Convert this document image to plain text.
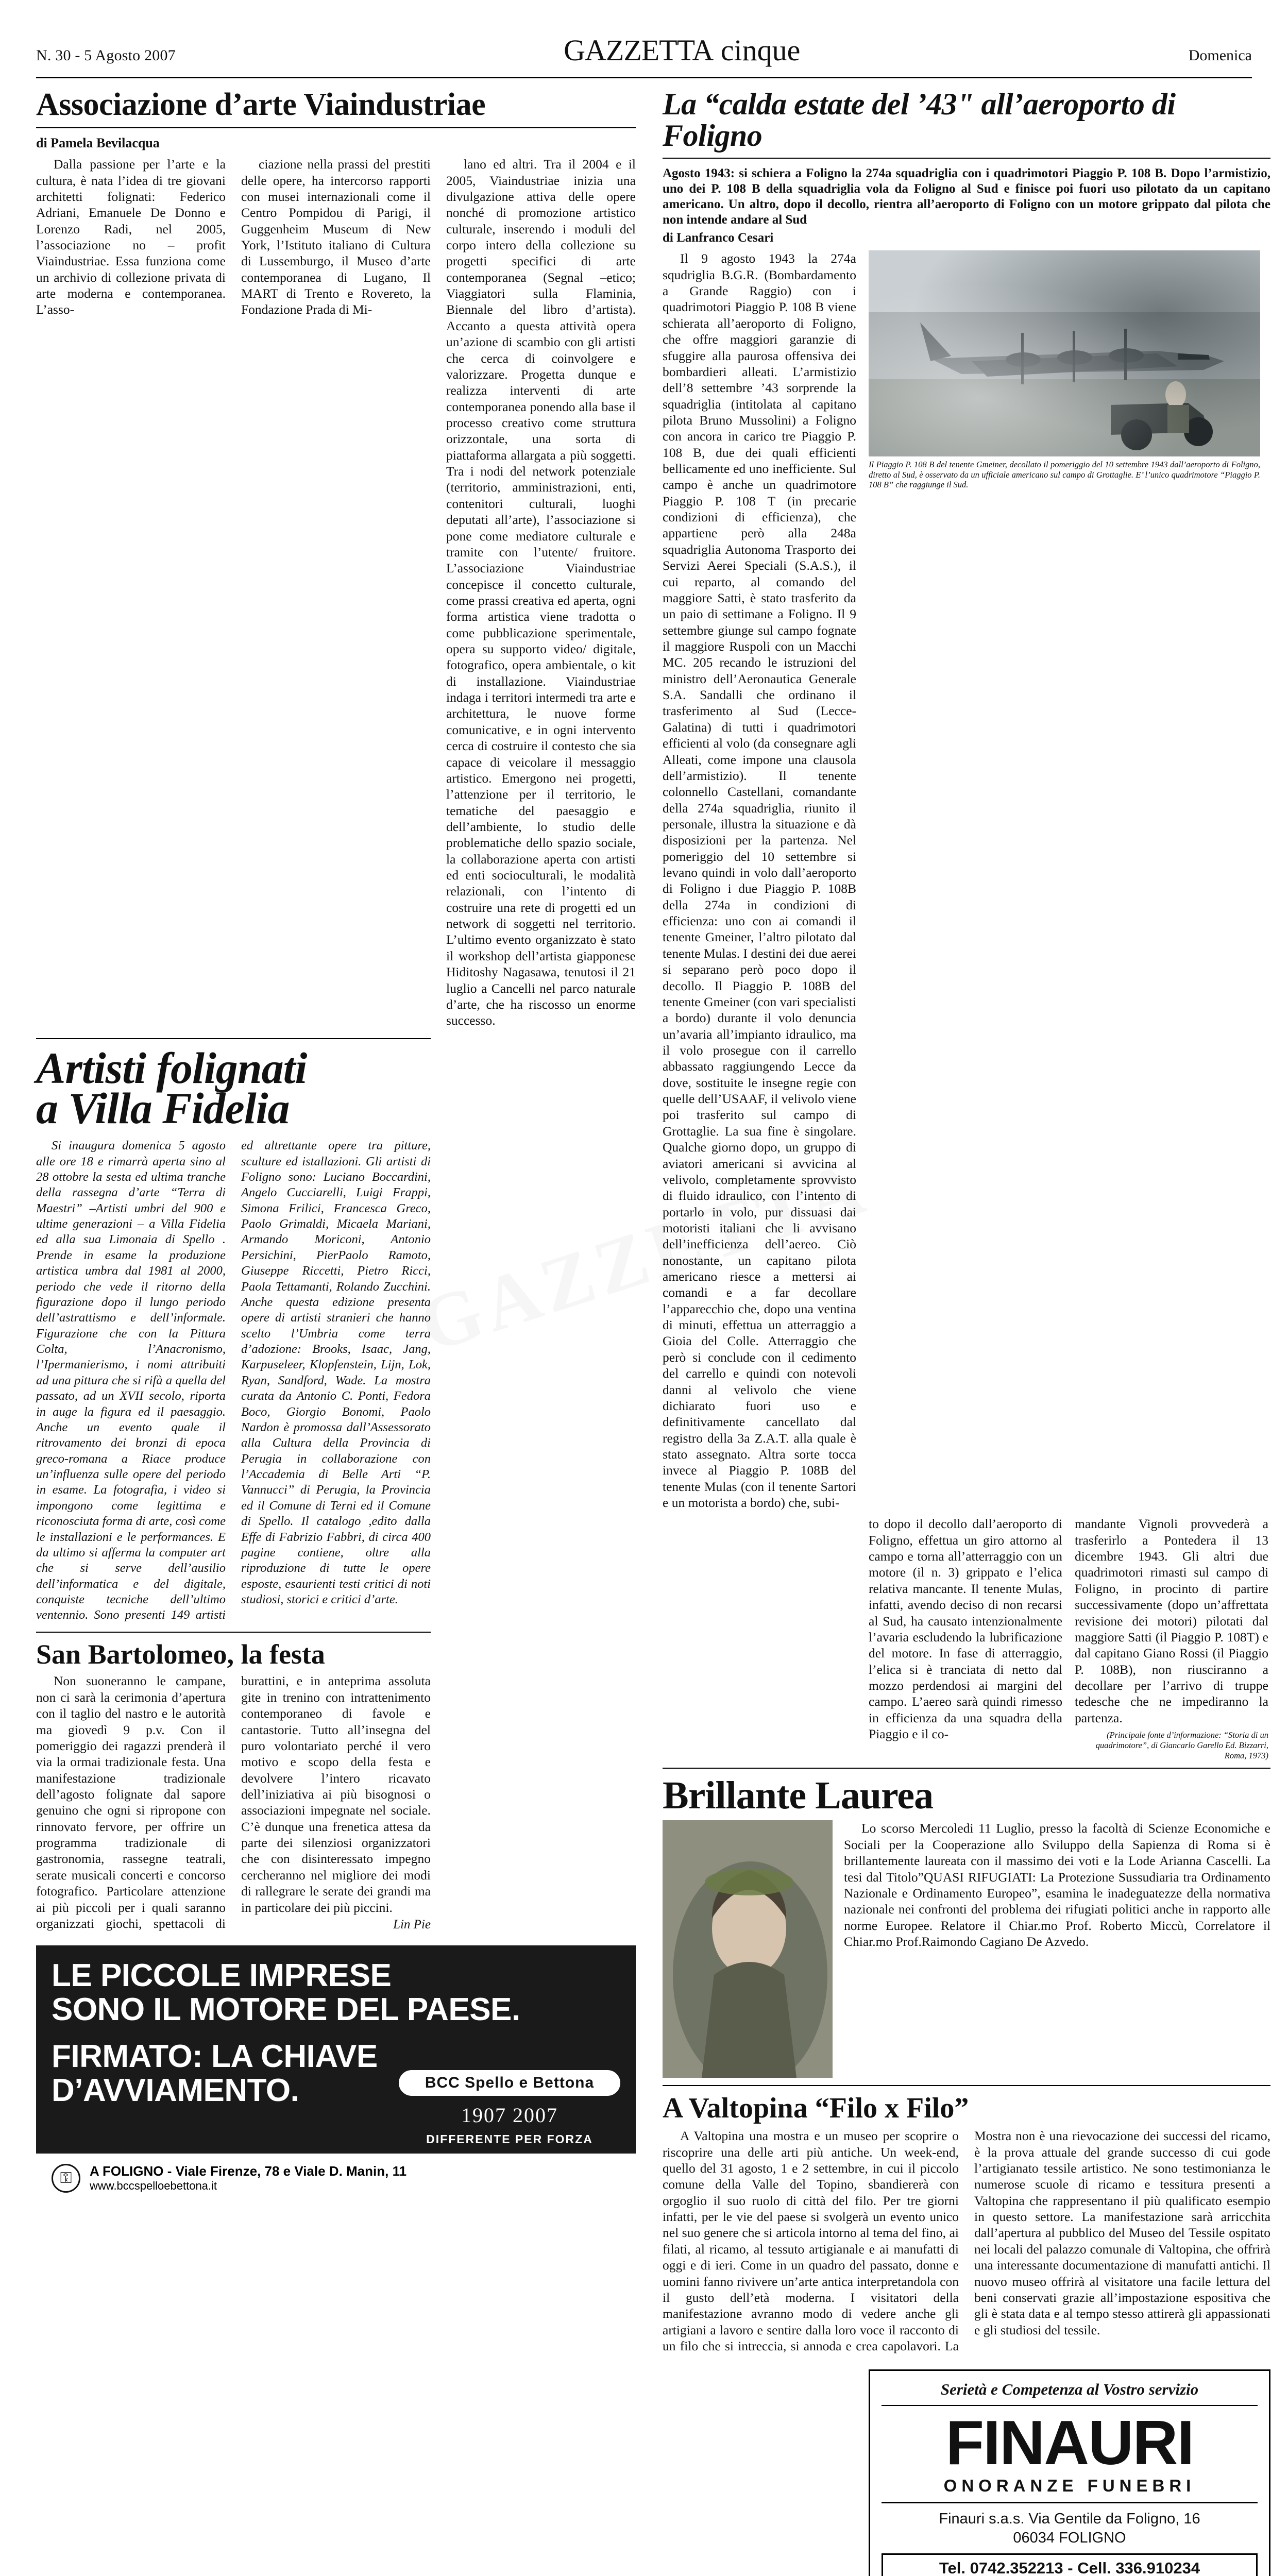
N. 30 - 5 Agosto 2007	GAZZETTA cinque	Domenica
Associazione d’arte Viaindustriae
di Pamela Bevilacqua

Dalla passione per l’arte e la cultura, è nata l’idea di tre giovani architetti folignati: Federico Adriani, Emanuele De Donno e Lorenzo Radi, nel 2005, l’associazione no – profit Viaindustriae. Essa funziona come un archivio di collezione privata di arte moderna e contemporanea. L’asso-

ciazione nella prassi del prestiti delle opere, ha intercorso rapporti con musei internazionali come il Centro Pompidou di Parigi, il Guggenheim Museum di New York, l’Istituto italiano di Cultura di Lussemburgo, il Museo d’arte contemporanea di Lugano, Il MART di Trento e Rovereto, la Fondazione Prada di Mi-

lano ed altri. Tra il 2004 e il 2005, Viaindustriae inizia una divulgazione attiva delle opere nonché di promozione artistico culturale, inserendo i moduli del corpo intero della collezione su progetti specifici di arte contemporanea (Segnal –etico; Viaggiatori sulla Flaminia, Biennale del libro d’artista). Accanto a questa attività opera un’azione di scambio con gli artisti che cerca di coinvolgere e valorizzare. Progetta dunque e realizza interventi di arte contemporanea ponendo alla base il processo creativo come struttura orizzontale, una sorta di piattaforma allargata a più soggetti. Tra i nodi del network potenziale (territorio, amministrazioni, enti, contenitori culturali, luoghi deputati all’arte), l’associazione si pone come mediatore culturale e tramite con l’utente/ fruitore. L’associazione Viaindustriae concepisce il concetto culturale, come prassi creativa ed aperta, ogni forma artistica viene tradotta o come pubblicazione sperimentale, opera su supporto video/ digitale, fotografico, opera ambientale, o kit di installazione. Viaindustriae indaga i territori intermedi tra arte e architettura, le nuove forme comunicative, e in ogni intervento cerca di costruire il contesto che sia capace di veicolare il messaggio artistico. Emergono nei progetti, l’attenzione per il territorio, le tematiche del paesaggio e dell’ambiente, lo studio delle problematiche dello spazio sociale, la collaborazione aperta con artisti ed enti socioculturali, le modalità relazionali, con l’intento di costruire una rete di progetti ed un network di soggetti nel territorio. L’ultimo evento organizzato è stato il workshop dell’artista giapponese Hiditoshy Nagasawa, tenutosi il 21 luglio a Cancelli nel parco naturale d’arte, che ha riscosso un enorme successo.

Artisti folignati
a Villa Fidelia

Si inaugura domenica 5 agosto alle ore 18 e rimarrà aperta sino al 28 ottobre la sesta ed ultima tranche della rassegna d’arte “Terra di Maestri” –Artisti umbri del 900 e ultime generazioni – a Villa Fidelia ed alla sua Limonaia di Spello . Prende in esame la produzione artistica umbra dal 1981 al 2000, periodo che vede il ritorno della figurazione dopo il lungo periodo dell’astrattismo e dell’informale. Figurazione che con la Pittura Colta, l’Anacronismo, l’Ipermanierismo, i nomi attribuiti ad una pittura che si rifà a quella del passato, ad un XVII secolo, riporta in auge la figura ed il paesaggio. Anche un evento quale il ritrovamento dei bronzi di epoca greco-romana a Riace produce un’influenza sulle opere del periodo in esame. La fotografia, i video si impongono come legittima e riconosciuta forma di arte, così come le installazioni e le performances. E da ultimo si afferma la computer art che si serve dell’ausilio dell’informatica e del digitale, conquiste tecniche dell’ultimo ventennio. Sono presenti 149 artisti ed altrettante opere tra pitture, sculture ed istallazioni. Gli artisti di Foligno sono: Luciano Boccardini, Angelo Cucciarelli, Luigi Frappi, Simona Frilici, Francesca Greco, Paolo Grimaldi, Micaela Mariani, Armando Moriconi, Antonio Persichini, PierPaolo Ramoto, Giuseppe Riccetti, Pietro Ricci, Paola Tettamanti, Rolando Zucchini. Anche questa edizione presenta opere di artisti stranieri che hanno scelto l’Umbria come terra d’adozione: Brooks, Isaac, Jang, Karpuseleer, Klopfenstein, Lijn, Lok, Ryan, Sandford, Wade. La mostra curata da Antonio C. Ponti, Fedora Boco, Giorgio Bonomi, Paolo Nardon è promossa dall’Assessorato alla Cultura della Provincia di Perugia in collaborazione con l’Accademia di Belle Arti “P. Vannucci” di Perugia, la Provincia ed il Comune di Terni ed il Comune di Spello. Il catalogo ,edito dalla Effe di Fabrizio Fabbri, di circa 400 pagine contiene, oltre alla riproduzione di tutte le opere esposte, esaurienti testi critici di noti studiosi, storici e critici d’arte.

San Bartolomeo, la festa

Non suoneranno le campane, non ci sarà la cerimonia d’apertura con il taglio del nastro e le autorità ma giovedì 9 p.v. Con il pomeriggio dei ragazzi prenderà il via la ormai tradizionale festa. Una manifestazione tradizionale dell’agosto folignate dal sapore genuino che ogni si ripropone con rinnovato fervore, per offrire un programma tradizionale di gastronomia, rassegne teatrali, serate musicali concerti e concorso fotografico. Particolare attenzione ai più piccoli per i quali saranno organizzati giochi, spettacoli di burattini, e in anteprima assoluta gite in trenino con intrattenimento contemporaneo di favole e cantastorie. Tutto all’insegna del puro volontariato perché il vero motivo e scopo della festa e devolvere l’intero ricavato dell’iniziativa ai più bisognosi o associazioni impegnate nel sociale. C’è dunque una frenetica attesa da parte dei silenziosi organizzatori che con disinteressato impegno cercheranno nel migliore dei modi di rallegrare le serate dei grandi ma in particolare dei più piccini.

Lin Pie
LE PICCOLE IMPRESE
SONO IL MOTORE DEL PAESE.
FIRMATO: LA CHIAVE
D’AVVIAMENTO.	BCC Spello e Bettona
1907 2007
DIFFERENTE PER FORZA
⚿ A FOLIGNO - Viale Firenze, 78 e Viale D. Manin, 11
www.bccspelloebettona.it
La “calda estate del ’43" all’aeroporto di Foligno

Agosto 1943: si schiera a Foligno la 274a squadriglia con i quadrimotori Piaggio P. 108 B. Dopo l’armistizio, uno dei P. 108 B della squadriglia vola da Foligno al Sud e finisce poi fuori uso pilotato da un capitano americano. Un altro, dopo il decollo, rientra all’aeroporto di Foligno con un motore grippato dal pilota che non intende andare al Sud

di Lanfranco Cesari

Il 9 agosto 1943 la 274a squdriglia B.G.R. (Bombardamento a Grande Raggio) con i quadrimotori Piaggio P. 108 B viene schierata all’aeroporto di Foligno, che offre maggiori garanzie di sfuggire alla paurosa offensiva dei bombardieri alleati. L’armistizio dell’8 settembre ’43 sorprende la squadriglia (intitolata al capitano pilota Bruno Mussolini) a Foligno con ancora in carico tre Piaggio P. 108 B, due dei quali efficienti bellicamente ed uno inefficiente. Sul campo è anche un quadrimotore Piaggio P. 108 T (in precarie condizioni di efficienza), che appartiene però alla 248a squadriglia Autonoma Trasporto dei Servizi Aerei Speciali (S.A.S.), il cui reparto, al comando del maggiore Satti, è stato trasferito da un paio di settimane a Foligno. Il 9 settembre giunge sul campo fognate il maggiore Ruspoli con un Macchi MC. 205 recando le istruzioni del ministro dell’Aeronautica Generale S.A. Sandalli che ordinano il trasferimento al Sud (Lecce-Galatina) di tutti i quadrimotori efficienti al volo (da consegnare agli Alleati, come impone una clausola dell’armistizio). Il tenente colonnello Castellani, comandante della 274a squadriglia, riunito il personale, illustra la situazione e dà disposizioni per la partenza. Nel pomeriggio del 10 settembre si levano quindi in volo dall’aeroporto di Foligno i due Piaggio P. 108B della 274a in condizioni di efficienza: uno con ai comandi il tenente Gmeiner, l’altro pilotato dal tenente Mulas. I destini dei due aerei si separano però poco dopo il decollo. Il Piaggio P. 108B del tenente Gmeiner (con vari specialisti a bordo) durante il volo denuncia un’avaria all’impianto idraulico, ma il volo prosegue con il carrello abbassato raggiungendo Lecce da dove, sostituite le insegne regie con quelle dell’USAAF, il velivolo viene poi trasferito sul campo di Grottaglie. La sua fine è singolare. Qualche giorno dopo, un gruppo di aviatori americani si avvicina al velivolo, completamente sprovvisto di fluido idraulico, con l’intento di portarlo in volo, pur dissuasi dai motoristi italiani che li avvisano dell’inefficienza dell’aereo. Ciò nonostante, un capitano pilota americano riesce a mettersi ai comandi e a far decollare l’apparecchio che, dopo una ventina di minuti, effettua un atterraggio a Gioia del Colle. Atterraggio che però si conclude con il cedimento del carrello e quindi con notevoli danni al velivolo che viene dichiarato fuori uso e definitivamente cancellato dal registro della 3a Z.A.T. alla quale è stato assegnato. Altra sorte tocca invece al Piaggio P. 108B del tenente Mulas (con il tenente Sartori e un motorista a bordo) che, subi-

Il Piaggio P. 108 B del tenente Gmeiner, decollato il pomeriggio del 10 settembre 1943 dall’aeroporto di Foligno, diretto al Sud, è osservato da un ufficiale americano sul campo di Grottaglie. E’ l’unico quadrimotore “Piaggio P. 108 B” che raggiunge il Sud.

to dopo il decollo dall’aeroporto di Foligno, effettua un giro attorno al campo e torna all’atterraggio con un motore (il n. 3) grippato e l’elica relativa mancante. Il tenente Mulas, infatti, avendo deciso di non recarsi al Sud, ha causato intenzionalmente l’avaria escludendo la lubrificazione del motore. In fase di atterraggio, l’elica si è tranciata di netto dal mozzo perdendosi ai margini del campo. L’aereo sarà quindi rimesso in efficienza da una squadra della Piaggio e il co-

mandante Vignoli provvederà a trasferirlo a Pontedera il 13 dicembre 1943. Gli altri due quadrimotori rimasti sul campo di Foligno, in procinto di partire successivamente (dopo un’affrettata revisione dei motori) pilotati dal maggiore Satti (il Piaggio P. 108T) e dal capitano Giano Rossi (il Piaggio P. 108B), non riusciranno a decollare per l’arrivo di truppe tedesche che ne impediranno la partenza.

(Principale fonte d’informazione: “Storia di un quadrimotore”, di Giancarlo Garello Ed. Bizzarri, Roma, 1973)
Brillante Laurea

Lo scorso Mercoledi 11 Luglio, presso la facoltà di Scienze Economiche e Sociali per la Cooperazione allo Sviluppo della Sapienza di Roma si è brillantemente laureata con il massimo dei voti e la Lode Arianna Cascelli. La tesi dal Titolo”QUASI RIFUGIATI: La Protezione Sussudiaria tra Ordinamento Nazionale e Ordinamento Europeo”, esamina le inadeguatezze della normativa nazionale nei confronti del problema dei rifugiati politici anche in rapporto alle norme Europee. Relatore il Chiar.mo Prof. Roberto Miccù, Correlatore il Chiar.mo Prof.Raimondo Cagiano De Azvedo.

A Valtopina “Filo x Filo”

A Valtopina una mostra e un museo per scoprire o riscoprire una delle arti più antiche. Un week-end, quello del 31 agosto, 1 e 2 settembre, in cui il piccolo comune della Valle del Topino, sbandiererà con orgoglio il suo ruolo di città del filo. Per tre giorni infatti, per le vie del paese si svolgerà un evento unico nel suo genere che si articola intorno al tema del fino, ai filati, al ricamo, al tessuto artigianale e ai manufatti di oggi e di ieri. Come in un quadro del passato, donne e uomini fanno rivivere un’arte antica interpretandola con il gusto dell’età moderna. I visitatori della manifestazione avranno modo di vedere anche gli artigiani a lavoro e sentire dalla loro voce il racconto di un filo che si intreccia, si annoda e crea capolavori. La Mostra non è una rievocazione dei successi del ricamo, è la prova attuale del grande successo di cui gode l’artigianato tessile artistico. Ne sono testimonianza le numerose scuole di ricamo e tessitura presenti a Valtopina che rappresentano il più qualificato esempio in questo settore. La manifestazione sarà arricchita dall’apertura al pubblico del Museo del Tessile ospitato nei locali del palazzo comunale di Valtopina, che offrirà una interessante documentazione di manufatti antichi. Il nuovo museo offrirà al visitatore una facile lettura del beni conservati grazie all’impostazione espositiva che gli è stata data e al tempo stesso attirerà gli appassionati e gli studiosi del tessile.

Serietà e Competenza al Vostro servizio
FINAURI
ONORANZE FUNEBRI
Finauri s.a.s. Via Gentile da Foligno, 16
06034 FOLIGNO
Tel. 0742.352213 - Cell. 336.910234
